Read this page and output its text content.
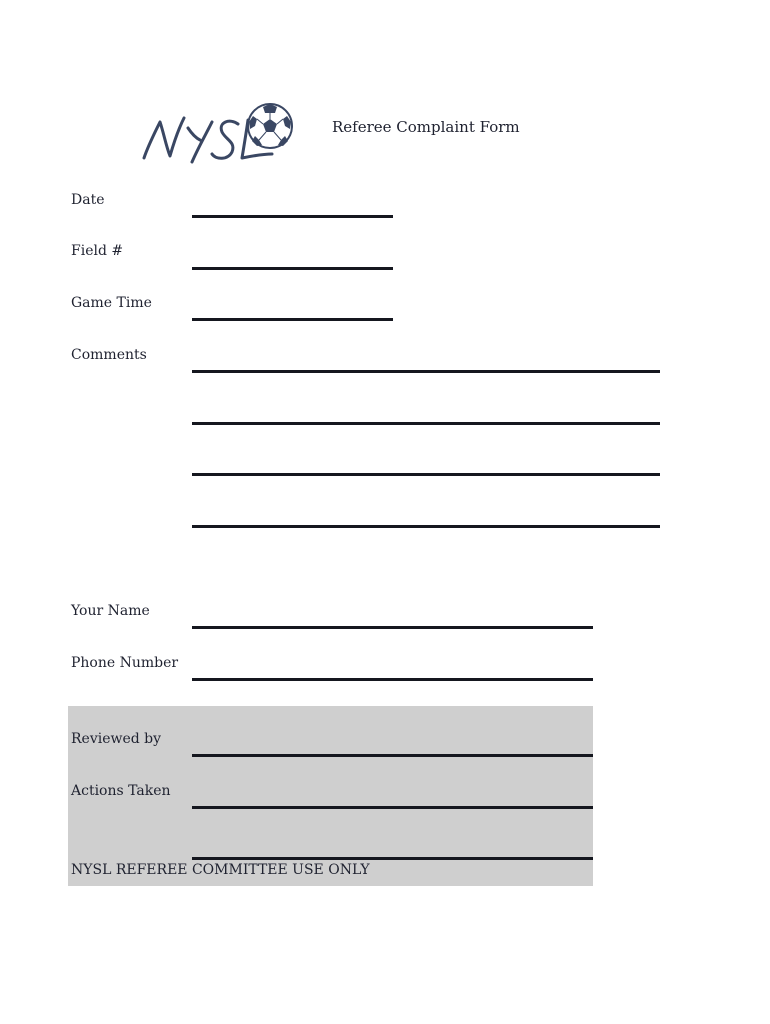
Referee Complaint Form
Date
Field #
Game Time
Comments
Your Name
Phone Number
Reviewed by
Actions Taken
NYSL REFEREE COMMITTEE USE ONLY
